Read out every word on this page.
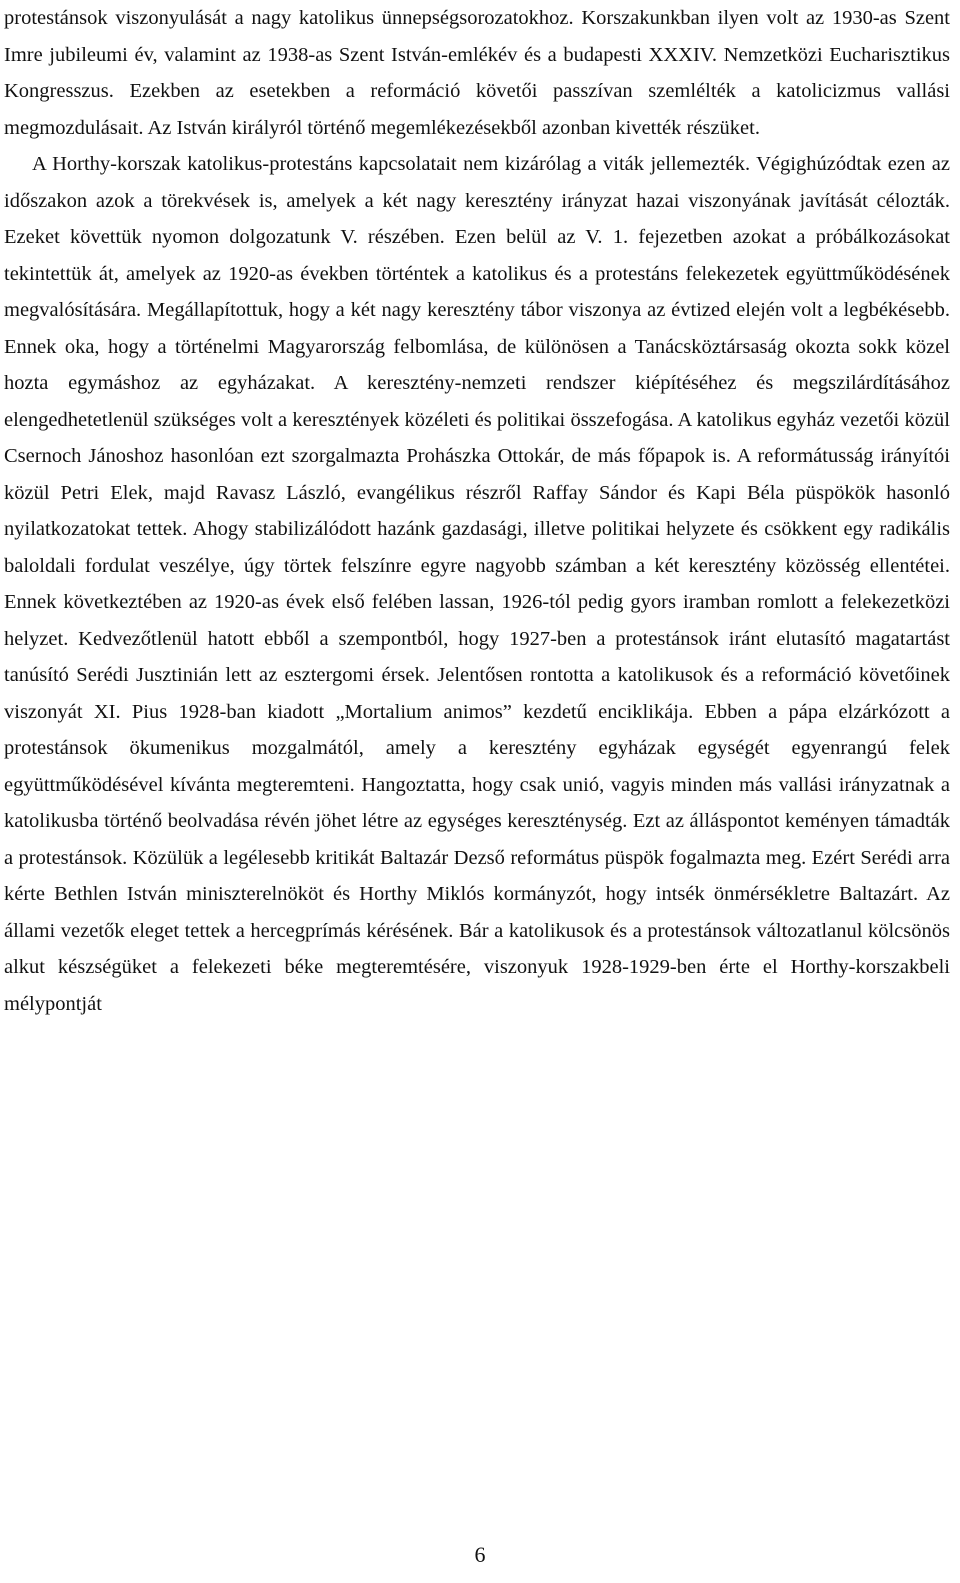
protestánsok viszonyulását a nagy katolikus ünnepségsorozatokhoz. Korszakunkban ilyen volt az 1930-as Szent Imre jubileumi év, valamint az 1938-as Szent István-emlékév és a budapesti XXXIV. Nemzetközi Eucharisztikus Kongresszus. Ezekben az esetekben a reformáció követői passzívan szemlélték a katolicizmus vallási megmozdulásait. Az István királyról történő megemlékezésekből azonban kivették részüket.

A Horthy-korszak katolikus-protestáns kapcsolatait nem kizárólag a viták jellemezték. Végighúzódtak ezen az időszakon azok a törekvések is, amelyek a két nagy keresztény irányzat hazai viszonyának javítását célozták. Ezeket követtük nyomon dolgozatunk V. részében. Ezen belül az V. 1. fejezetben azokat a próbálkozásokat tekintettük át, amelyek az 1920-as években történtek a katolikus és a protestáns felekezetek együttműködésének megvalósítására. Megállapítottuk, hogy a két nagy keresztény tábor viszonya az évtized elején volt a legbékésebb. Ennek oka, hogy a történelmi Magyarország felbomlása, de különösen a Tanácsköztársaság okozta sokk közel hozta egymáshoz az egyházakat. A keresztény-nemzeti rendszer kiépítéséhez és megszilárdításához elengedhetetlenül szükséges volt a keresztények közéleti és politikai összefogása. A katolikus egyház vezetői közül Csernoch Jánoshoz hasonlóan ezt szorgalmazta Prohászka Ottokár, de más főpapok is. A reformátusság irányítói közül Petri Elek, majd Ravasz László, evangélikus részről Raffay Sándor és Kapi Béla püspökök hasonló nyilatkozatokat tettek. Ahogy stabilizálódott hazánk gazdasági, illetve politikai helyzete és csökkent egy radikális baloldali fordulat veszélye, úgy törtek felszínre egyre nagyobb számban a két keresztény közösség ellentétei. Ennek következtében az 1920-as évek első felében lassan, 1926-tól pedig gyors iramban romlott a felekezetközi helyzet. Kedvezőtlenül hatott ebből a szempontból, hogy 1927-ben a protestánsok iránt elutasító magatartást tanúsító Serédi Jusztinián lett az esztergomi érsek. Jelentősen rontotta a katolikusok és a reformáció követőinek viszonyát XI. Pius 1928-ban kiadott „Mortalium animos” kezdetű enciklikája. Ebben a pápa elzárkózott a protestánsok ökumenikus mozgalmától, amely a keresztény egyházak egységét egyenrangú felek együttműködésével kívánta megteremteni. Hangoztatta, hogy csak unió, vagyis minden más vallási irányzatnak a katolikusba történő beolvadása révén jöhet létre az egységes kereszténység. Ezt az álláspontot keményen támadták a protestánsok. Közülük a legélesebb kritikát Baltazár Dezső református püspök fogalmazta meg. Ezért Serédi arra kérte Bethlen István miniszterelnököt és Horthy Miklós kormányzót, hogy intsék önmérsékletre Baltazárt. Az állami vezetők eleget tettek a hercegprímás kérésének. Bár a katolikusok és a protestánsok változatlanul kölcsönös alkut készségüket a felekezeti béke megteremtésére, viszonyuk 1928-1929-ben érte el Horthy-korszakbeli mélypontját

6
